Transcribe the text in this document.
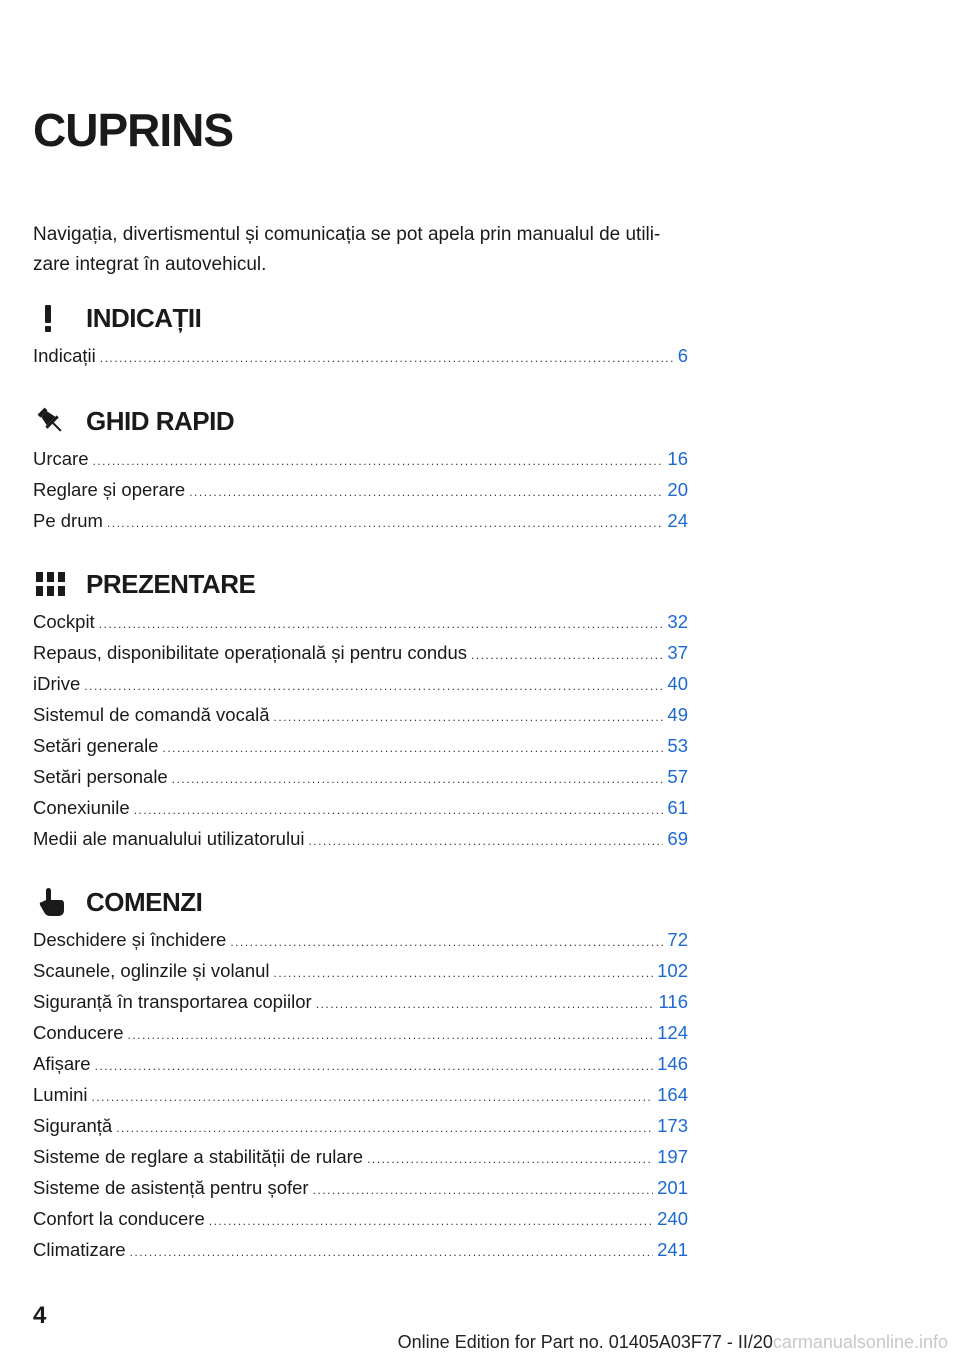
CUPRINS

Navigația, divertismentul și comunicația se pot apela prin manualul de utili-zare integrat în autovehicul.

INDICAȚII
Indicații .....	6
GHID RAPID
Urcare .....	16
Reglare și operare .....	20
Pe drum .....	24
PREZENTARE
Cockpit .....	32
Repaus, disponibilitate operațională și pentru condus .....	37
iDrive .....	40
Sistemul de comandă vocală .....	49
Setări generale .....	53
Setări personale .....	57
Conexiunile .....	61
Medii ale manualului utilizatorului .....	69
COMENZI
Deschidere și închidere .....	72
Scaunele, oglinzile și volanul .....	102
Siguranță în transportarea copiilor .....	116
Conducere .....	124
Afișare .....	146
Lumini .....	164
Siguranță .....	173
Sisteme de reglare a stabilității de rulare .....	197
Sisteme de asistență pentru șofer .....	201
Confort la conducere .....	240
Climatizare .....	241
4
Online Edition for Part no. 01405A03F77 - II/20carmanualsonline.info
